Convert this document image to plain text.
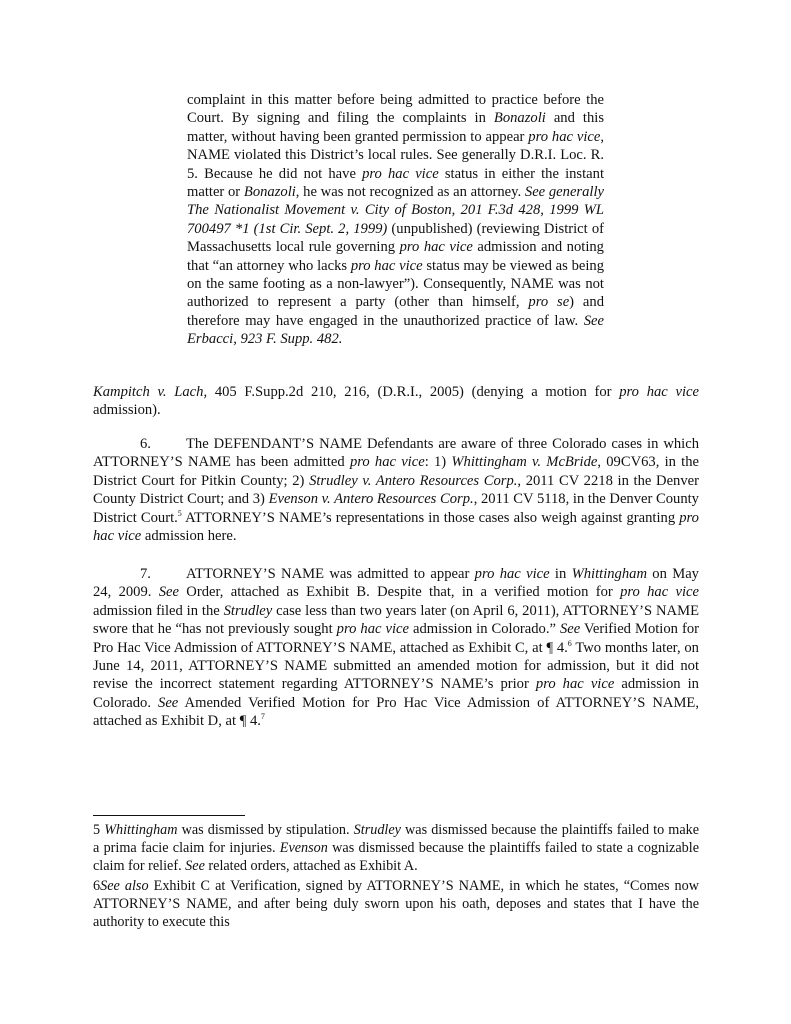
complaint in this matter before being admitted to practice before the Court. By signing and filing the complaints in Bonazoli and this matter, without having been granted permission to appear pro hac vice, NAME violated this District’s local rules. See generally D.R.I. Loc. R. 5. Because he did not have pro hac vice status in either the instant matter or Bonazoli, he was not recognized as an attorney. See generally The Nationalist Movement v. City of Boston, 201 F.3d 428, 1999 WL 700497 *1 (1st Cir. Sept. 2, 1999) (unpublished) (reviewing District of Massachusetts local rule governing pro hac vice admission and noting that “an attorney who lacks pro hac vice status may be viewed as being on the same footing as a non-lawyer”). Consequently, NAME was not authorized to represent a party (other than himself, pro se) and therefore may have engaged in the unauthorized practice of law. See Erbacci, 923 F. Supp. 482.
Kampitch v. Lach, 405 F.Supp.2d 210, 216, (D.R.I., 2005) (denying a motion for pro hac vice admission).
6. The DEFENDANT’S NAME Defendants are aware of three Colorado cases in which ATTORNEY’S NAME has been admitted pro hac vice: 1) Whittingham v. McBride, 09CV63, in the District Court for Pitkin County; 2) Strudley v. Antero Resources Corp., 2011 CV 2218 in the Denver County District Court; and 3) Evenson v. Antero Resources Corp., 2011 CV 5118, in the Denver County District Court.$^5$ ATTORNEY’S NAME’s representations in those cases also weigh against granting pro hac vice admission here.
7. ATTORNEY’S NAME was admitted to appear pro hac vice in Whittingham on May 24, 2009. See Order, attached as Exhibit B. Despite that, in a verified motion for pro hac vice admission filed in the Strudley case less than two years later (on April 6, 2011), ATTORNEY’S NAME swore that he “has not previously sought pro hac vice admission in Colorado.” See Verified Motion for Pro Hac Vice Admission of ATTORNEY’S NAME, attached as Exhibit C, at ¶ 4.$^6$ Two months later, on June 14, 2011, ATTORNEY’S NAME submitted an amended motion for admission, but it did not revise the incorrect statement regarding ATTORNEY’S NAME’s prior pro hac vice admission in Colorado. See Amended Verified Motion for Pro Hac Vice Admission of ATTORNEY’S NAME, attached as Exhibit D, at ¶ 4.$^7$
5 Whittingham was dismissed by stipulation. Strudley was dismissed because the plaintiffs failed to make a prima facie claim for injuries. Evenson was dismissed because the plaintiffs failed to state a cognizable claim for relief. See related orders, attached as Exhibit A.
6See also Exhibit C at Verification, signed by ATTORNEY’S NAME, in which he states, “Comes now ATTORNEY’S NAME, and after being duly sworn upon his oath, deposes and states that I have the authority to execute this
